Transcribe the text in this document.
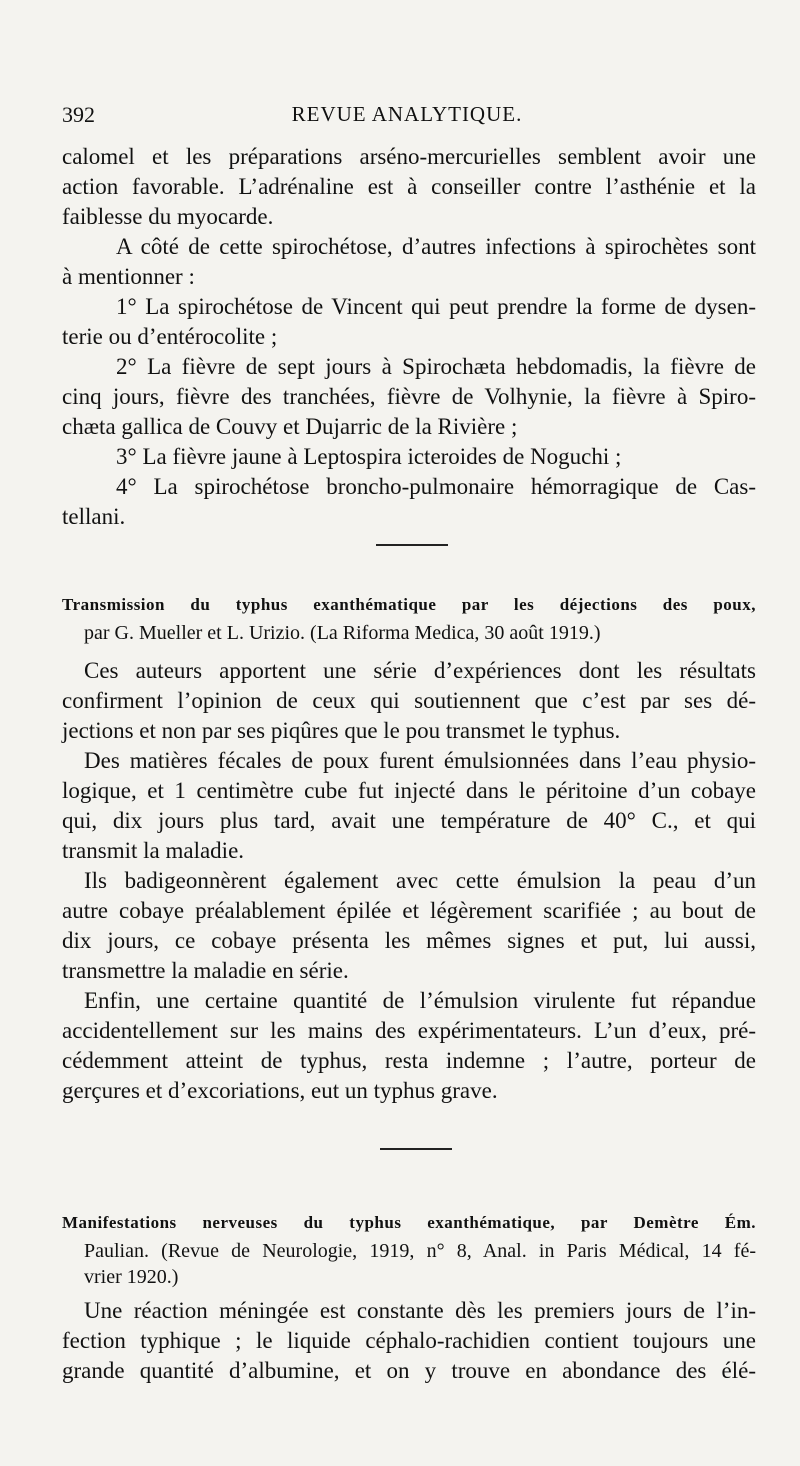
392	REVUE ANALYTIQUE.
calomel et les préparations arséno-mercurielles semblent avoir une
action favorable. L’adrénaline est à conseiller contre l’asthénie et la
faiblesse du myocarde.
A côté de cette spirochétose, d’autres infections à spirochètes sont
à mentionner :
1° La spirochétose de Vincent qui peut prendre la forme de dysen-
terie ou d’entérocolite ;
2° La fièvre de sept jours à Spirochæta hebdomadis, la fièvre de
cinq jours, fièvre des tranchées, fièvre de Volhynie, la fièvre à Spiro-
chæta gallica de Couvy et Dujarric de la Rivière ;
3° La fièvre jaune à Leptospira icteroides de Noguchi ;
4° La spirochétose broncho-pulmonaire hémorragique de Cas-
tellani.
Transmission du typhus exanthématique par les déjections des poux,
par G. Mueller et L. Urizio. (La Riforma Medica, 30 août 1919.)
Ces auteurs apportent une série d’expériences dont les résultats
confirment l’opinion de ceux qui soutiennent que c’est par ses dé-
jections et non par ses piqûres que le pou transmet le typhus.
Des matières fécales de poux furent émulsionnées dans l’eau physio-
logique, et 1 centimètre cube fut injecté dans le péritoine d’un cobaye
qui, dix jours plus tard, avait une température de 40° C., et qui
transmit la maladie.
Ils badigeonnèrent également avec cette émulsion la peau d’un
autre cobaye préalablement épilée et légèrement scarifiée ; au bout de
dix jours, ce cobaye présenta les mêmes signes et put, lui aussi,
transmettre la maladie en série.
Enfin, une certaine quantité de l’émulsion virulente fut répandue
accidentellement sur les mains des expérimentateurs. L’un d’eux, pré-
cédemment atteint de typhus, resta indemne ; l’autre, porteur de
gerçures et d’excoriations, eut un typhus grave.
Manifestations nerveuses du typhus exanthématique, par Demètre Ém.
Paulian. (Revue de Neurologie, 1919, n° 8, Anal. in Paris Médical, 14 fé-
vrier 1920.)
Une réaction méningée est constante dès les premiers jours de l’in-
fection typhique ; le liquide céphalo-rachidien contient toujours une
grande quantité d’albumine, et on y trouve en abondance des élé-
